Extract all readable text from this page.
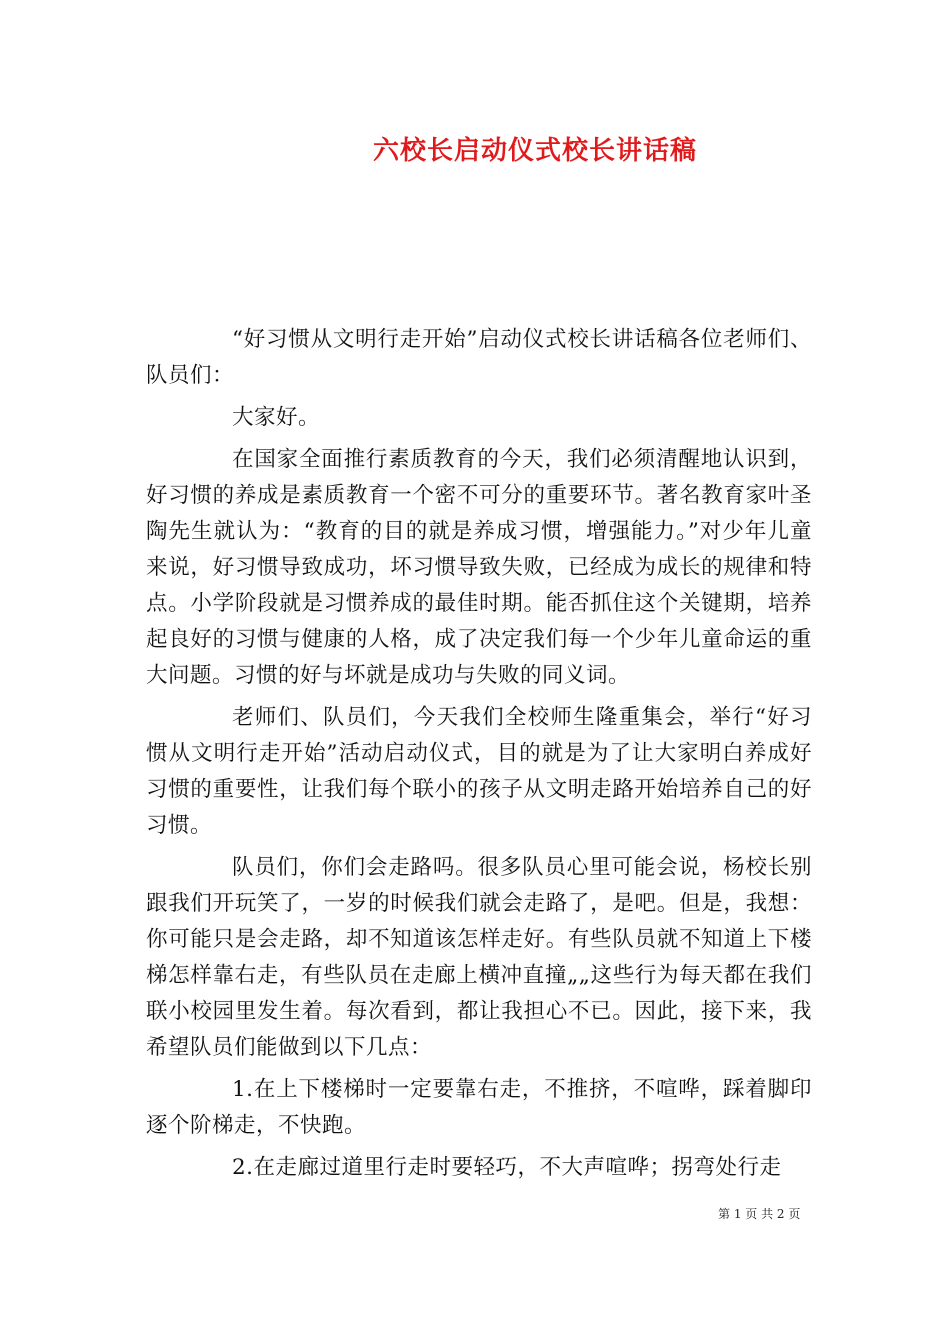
六校长启动仪式校长讲话稿

“好习惯从文明行走开始”启动仪式校长讲话稿各位老师们、队员们：

大家好。

在国家全面推行素质教育的今天，我们必须清醒地认识到，好习惯的养成是素质教育一个密不可分的重要环节。著名教育家叶圣陶先生就认为：“教育的目的就是养成习惯，增强能力。”对少年儿童来说，好习惯导致成功，坏习惯导致失败，已经成为成长的规律和特点。小学阶段就是习惯养成的最佳时期。能否抓住这个关键期，培养起良好的习惯与健康的人格，成了决定我们每一个少年儿童命运的重大问题。习惯的好与坏就是成功与失败的同义词。

老师们、队员们，今天我们全校师生隆重集会，举行“好习惯从文明行走开始”活动启动仪式，目的就是为了让大家明白养成好习惯的重要性，让我们每个联小的孩子从文明走路开始培养自己的好习惯。

队员们，你们会走路吗。很多队员心里可能会说，杨校长别跟我们开玩笑了，一岁的时候我们就会走路了，是吧。但是，我想：你可能只是会走路，却不知道该怎样走好。有些队员就不知道上下楼梯怎样靠右走，有些队员在走廊上横冲直撞„„这些行为每天都在我们联小校园里发生着。每次看到，都让我担心不已。因此，接下来，我希望队员们能做到以下几点：

1.在上下楼梯时一定要靠右走，不推挤，不喧哗，踩着脚印逐个阶梯走，不快跑。

2.在走廊过道里行走时要轻巧，不大声喧哗；拐弯处行走

第 1 页 共 2 页
